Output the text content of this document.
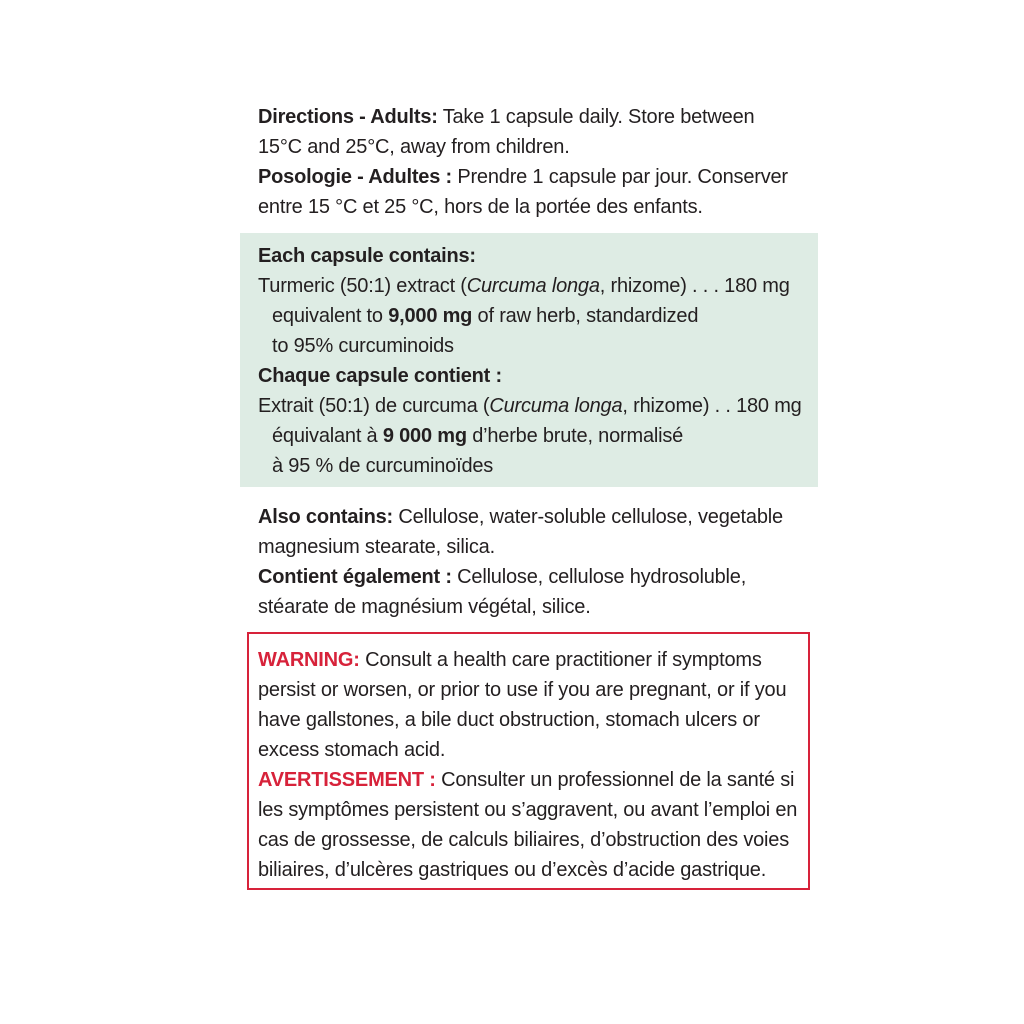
Directions - Adults: Take 1 capsule daily. Store between
15°C and 25°C, away from children.
Posologie - Adultes : Prendre 1 capsule par jour. Conserver
entre 15 °C et 25 °C, hors de la portée des enfants.
Each capsule contains:
Turmeric (50:1) extract (Curcuma longa, rhizome) . . . 180 mg
equivalent to 9,000 mg of raw herb, standardized
to 95% curcuminoids
Chaque capsule contient :
Extrait (50:1) de curcuma (Curcuma longa, rhizome) . . 180 mg
équivalant à 9 000 mg d’herbe brute, normalisé
à 95 % de curcuminoïdes
Also contains: Cellulose, water-soluble cellulose, vegetable
magnesium stearate, silica.
Contient également : Cellulose, cellulose hydrosoluble,
stéarate de magnésium végétal, silice.
WARNING: Consult a health care practitioner if symptoms
persist or worsen, or prior to use if you are pregnant, or if you
have gallstones, a bile duct obstruction, stomach ulcers or
excess stomach acid.
AVERTISSEMENT : Consulter un professionnel de la santé si
les symptômes persistent ou s’aggravent, ou avant l’emploi en
cas de grossesse, de calculs biliaires, d’obstruction des voies
biliaires, d’ulcères gastriques ou d’excès d’acide gastrique.
